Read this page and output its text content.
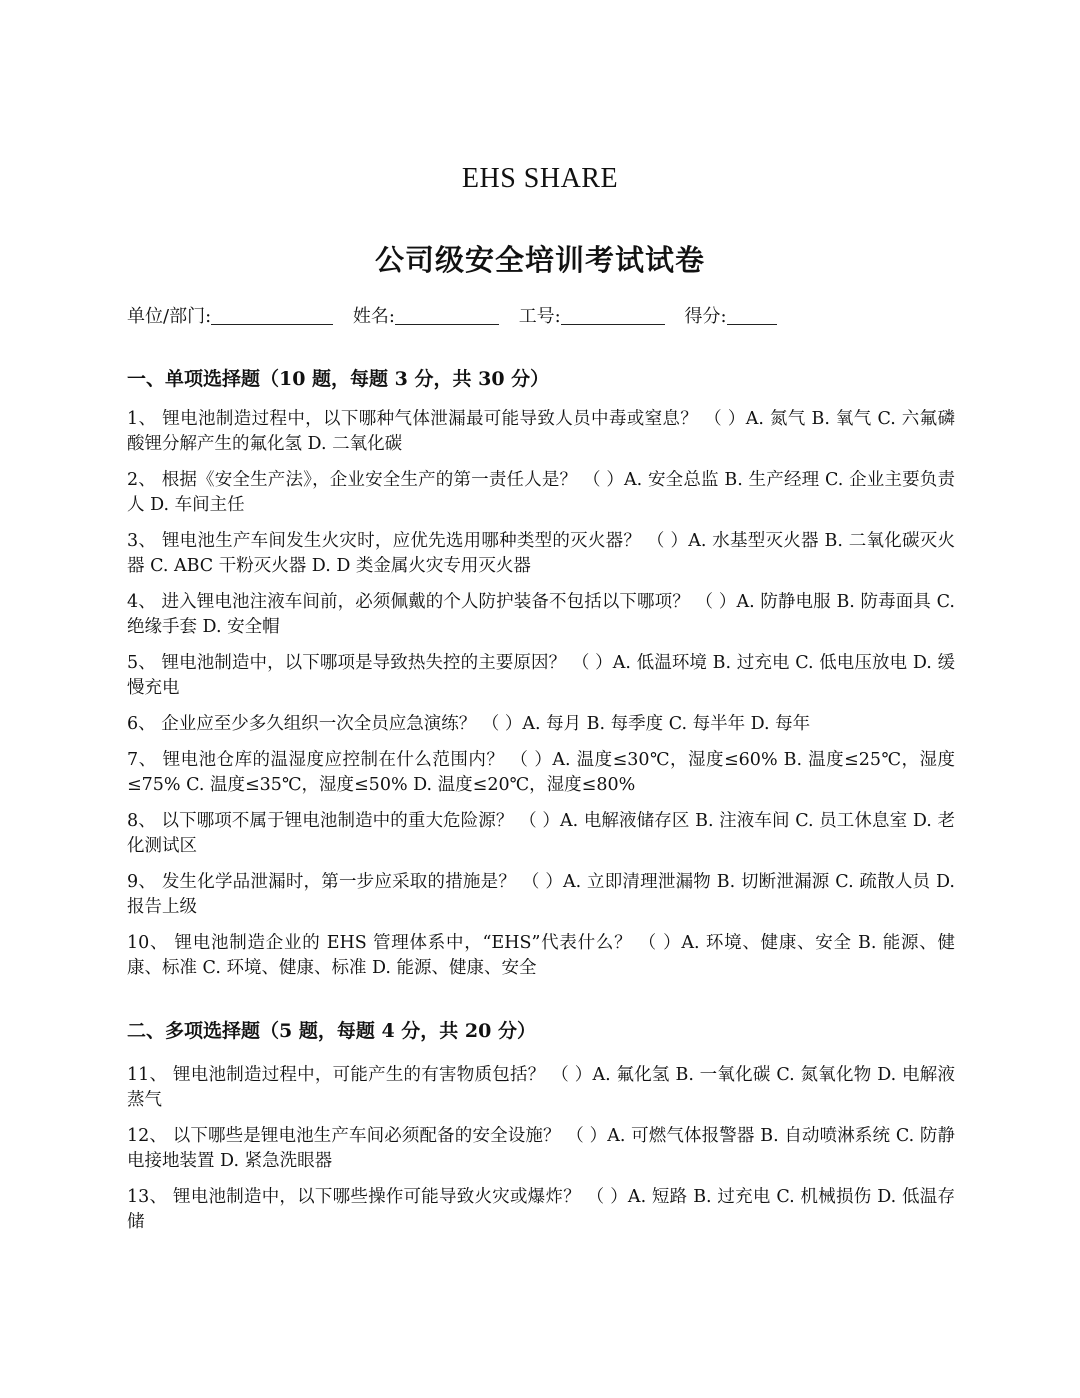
EHS SHARE
公司级安全培训考试试卷
单位/部门:	姓名:	工号:	得分:
一、单项选择题（10 题，每题 3 分，共 30 分）

1、 锂电池制造过程中，以下哪种气体泄漏最可能导致人员中毒或窒息？ （ ）A. 氮气 B. 氧气 C. 六氟磷酸锂分解产生的氟化氢 D. 二氧化碳

2、 根据《安全生产法》，企业安全生产的第一责任人是？ （ ）A. 安全总监 B. 生产经理 C. 企业主要负责人 D. 车间主任

3、 锂电池生产车间发生火灾时，应优先选用哪种类型的灭火器？ （ ）A. 水基型灭火器 B. 二氧化碳灭火器 C. ABC 干粉灭火器 D. D 类金属火灾专用灭火器

4、 进入锂电池注液车间前，必须佩戴的个人防护装备不包括以下哪项？ （ ）A. 防静电服 B. 防毒面具 C. 绝缘手套 D. 安全帽

5、 锂电池制造中，以下哪项是导致热失控的主要原因？ （ ）A. 低温环境 B. 过充电 C. 低电压放电 D. 缓慢充电

6、 企业应至少多久组织一次全员应急演练？ （ ）A. 每月 B. 每季度 C. 每半年 D. 每年

7、 锂电池仓库的温湿度应控制在什么范围内？ （ ）A. 温度≤30℃，湿度≤60% B. 温度≤25℃，湿度≤75% C. 温度≤35℃，湿度≤50% D. 温度≤20℃，湿度≤80%

8、 以下哪项不属于锂电池制造中的重大危险源？ （ ）A. 电解液储存区 B. 注液车间 C. 员工休息室 D. 老化测试区

9、 发生化学品泄漏时，第一步应采取的措施是？ （ ）A. 立即清理泄漏物 B. 切断泄漏源 C. 疏散人员 D. 报告上级

10、 锂电池制造企业的 EHS 管理体系中，“EHS”代表什么？ （ ）A. 环境、健康、安全 B. 能源、健康、标准 C. 环境、健康、标准 D. 能源、健康、安全

二、多项选择题（5 题，每题 4 分，共 20 分）

11、 锂电池制造过程中，可能产生的有害物质包括？ （ ）A. 氟化氢 B. 一氧化碳 C. 氮氧化物 D. 电解液蒸气

12、 以下哪些是锂电池生产车间必须配备的安全设施？ （ ）A. 可燃气体报警器 B. 自动喷淋系统 C. 防静电接地装置 D. 紧急洗眼器

13、 锂电池制造中，以下哪些操作可能导致火灾或爆炸？ （ ）A. 短路 B. 过充电 C. 机械损伤 D. 低温存储
